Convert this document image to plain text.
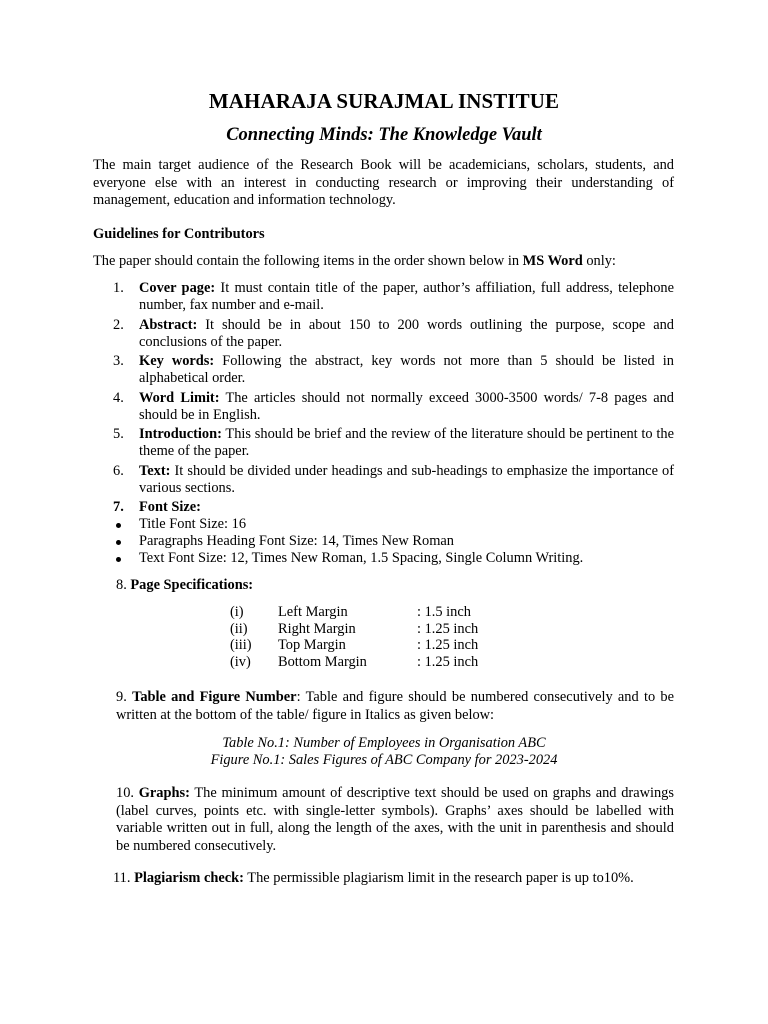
MAHARAJA SURAJMAL INSTITUE
Connecting Minds: The Knowledge Vault
The main target audience of the Research Book will be academicians, scholars, students, and everyone else with an interest in conducting research or improving their understanding of management, education and information technology.
Guidelines for Contributors
The paper should contain the following items in the order shown below in MS Word only:
1.	Cover page: It must contain title of the paper, author’s affiliation, full address, telephone number, fax number and e-mail.
2.	Abstract: It should be in about 150 to 200 words outlining the purpose, scope and conclusions of the paper.
3.	Key words: Following the abstract, key words not more than 5 should be listed in alphabetical order.
4.	Word Limit: The articles should not normally exceed 3000-3500 words/ 7-8 pages and should be in English.
5.	Introduction: This should be brief and the review of the literature should be pertinent to the theme of the paper.
6.	Text: It should be divided under headings and sub-headings to emphasize the importance of various sections.
7.	Font Size:
Title Font Size: 16
Paragraphs Heading Font Size: 14, Times New Roman
Text Font Size: 12, Times New Roman, 1.5 Spacing, Single Column Writing.
8. Page Specifications:
(i)	Left Margin	: 1.5 inch
(ii)	Right Margin	: 1.25 inch
(iii)	Top Margin	: 1.25 inch
(iv)	Bottom Margin	: 1.25 inch
9. Table and Figure Number: Table and figure should be numbered consecutively and to be written at the bottom of the table/ figure in Italics as given below:
Table No.1: Number of Employees in Organisation ABC
Figure No.1: Sales Figures of ABC Company for 2023-2024
10. Graphs: The minimum amount of descriptive text should be used on graphs and drawings (label curves, points etc. with single-letter symbols). Graphs’ axes should be labelled with variable written out in full, along the length of the axes, with the unit in parenthesis and should be numbered consecutively.
11. Plagiarism check: The permissible plagiarism limit in the research paper is up to10%.
